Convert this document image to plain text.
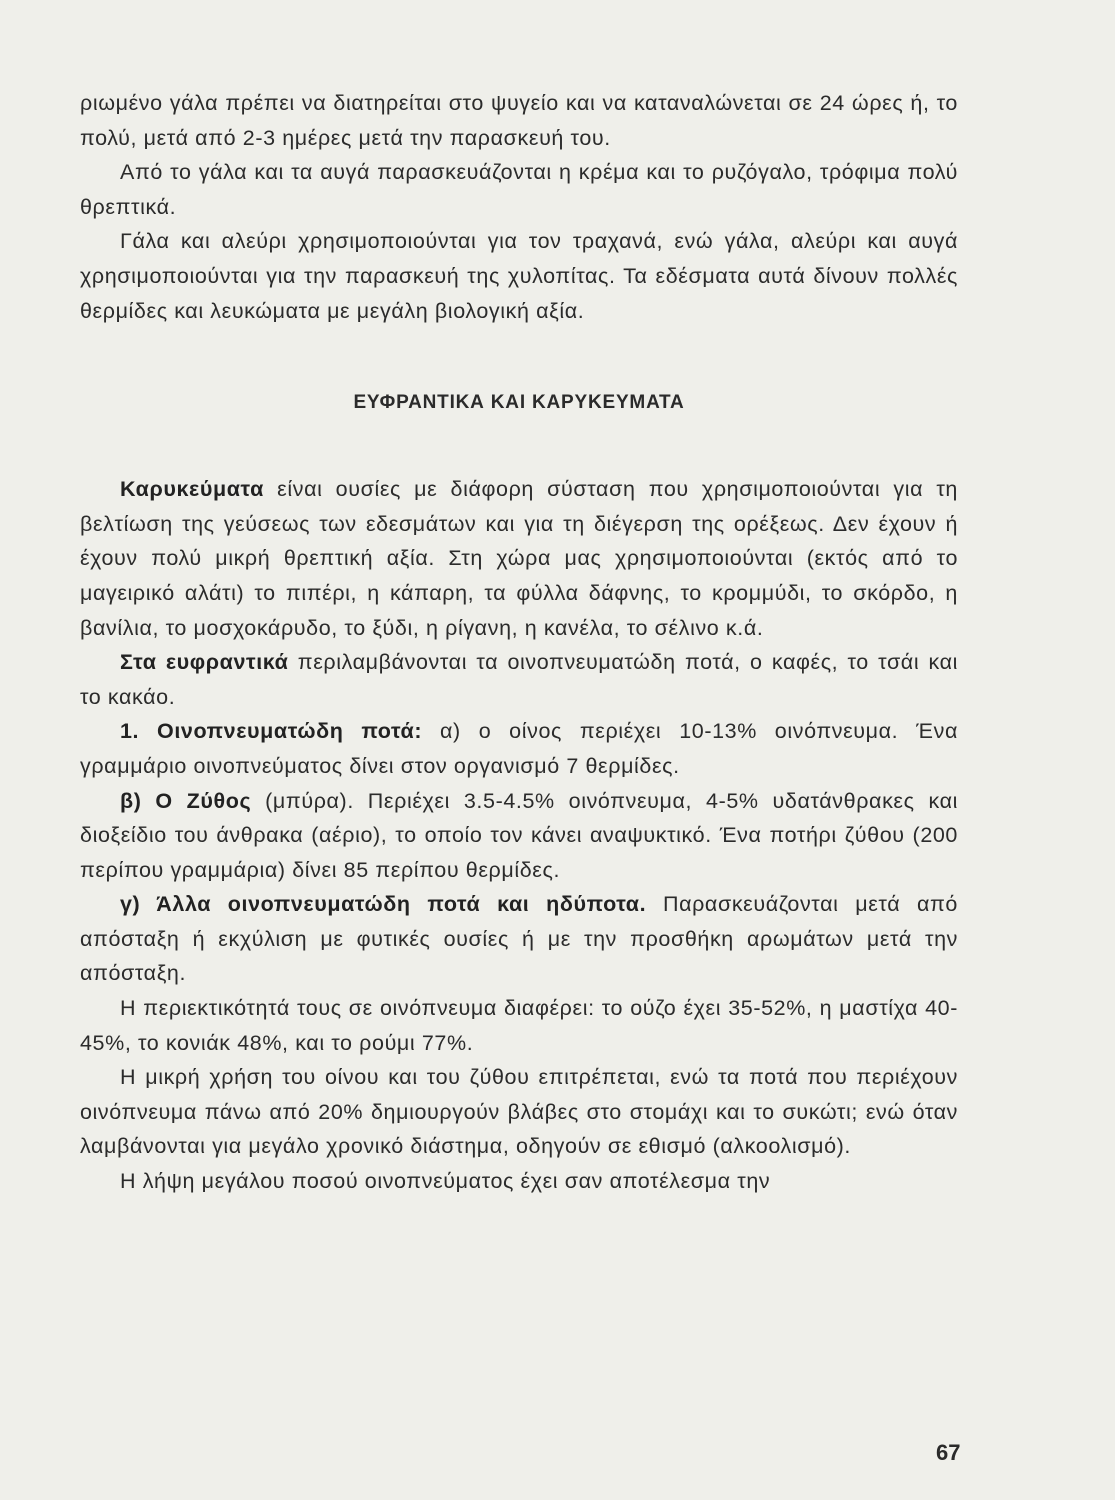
ριωμένο γάλα πρέπει να διατηρείται στο ψυγείο και να καταναλώνεται σε 24 ώρες ή, το πολύ, μετά από 2-3 ημέρες μετά την παρασκευή του.

Από το γάλα και τα αυγά παρασκευάζονται η κρέμα και το ρυζόγαλο, τρόφιμα πολύ θρεπτικά.

Γάλα και αλεύρι χρησιμοποιούνται για τον τραχανά, ενώ γάλα, αλεύρι και αυγά χρησιμοποιούνται για την παρασκευή της χυλοπίτας. Τα εδέσματα αυτά δίνουν πολλές θερμίδες και λευκώματα με μεγάλη βιολογική αξία.

ΕΥΦΡΑΝΤΙΚΑ ΚΑΙ ΚΑΡΥΚΕΥΜΑΤΑ

Καρυκεύματα είναι ουσίες με διάφορη σύσταση που χρησιμοποιούνται για τη βελτίωση της γεύσεως των εδεσμάτων και για τη διέγερση της ορέξεως. Δεν έχουν ή έχουν πολύ μικρή θρεπτική αξία. Στη χώρα μας χρησιμοποιούνται (εκτός από το μαγειρικό αλάτι) το πιπέρι, η κάπαρη, τα φύλλα δάφνης, το κρομμύδι, το σκόρδο, η βανίλια, το μοσχοκάρυδο, το ξύδι, η ρίγανη, η κανέλα, το σέλινο κ.ά.

Στα ευφραντικά περιλαμβάνονται τα οινοπνευματώδη ποτά, ο καφές, το τσάι και το κακάο.

1. Οινοπνευματώδη ποτά: α) ο οίνος περιέχει 10-13% οινόπνευμα. Ένα γραμμάριο οινοπνεύματος δίνει στον οργανισμό 7 θερμίδες.

β) Ο Ζύθος (μπύρα). Περιέχει 3.5-4.5% οινόπνευμα, 4-5% υδατάνθρακες και διοξείδιο του άνθρακα (αέριο), το οποίο τον κάνει αναψυκτικό. Ένα ποτήρι ζύθου (200 περίπου γραμμάρια) δίνει 85 περίπου θερμίδες.

γ) Άλλα οινοπνευματώδη ποτά και ηδύποτα. Παρασκευάζονται μετά από απόσταξη ή εκχύλιση με φυτικές ουσίες ή με την προσθήκη αρωμάτων μετά την απόσταξη.

Η περιεκτικότητά τους σε οινόπνευμα διαφέρει: το ούζο έχει 35-52%, η μαστίχα 40-45%, το κονιάκ 48%, και το ρούμι 77%.

Η μικρή χρήση του οίνου και του ζύθου επιτρέπεται, ενώ τα ποτά που περιέχουν οινόπνευμα πάνω από 20% δημιουργούν βλάβες στο στομάχι και το συκώτι; ενώ όταν λαμβάνονται για μεγάλο χρονικό διάστημα, οδηγούν σε εθισμό (αλκοολισμό).

Η λήψη μεγάλου ποσού οινοπνεύματος έχει σαν αποτέλεσμα την

67
